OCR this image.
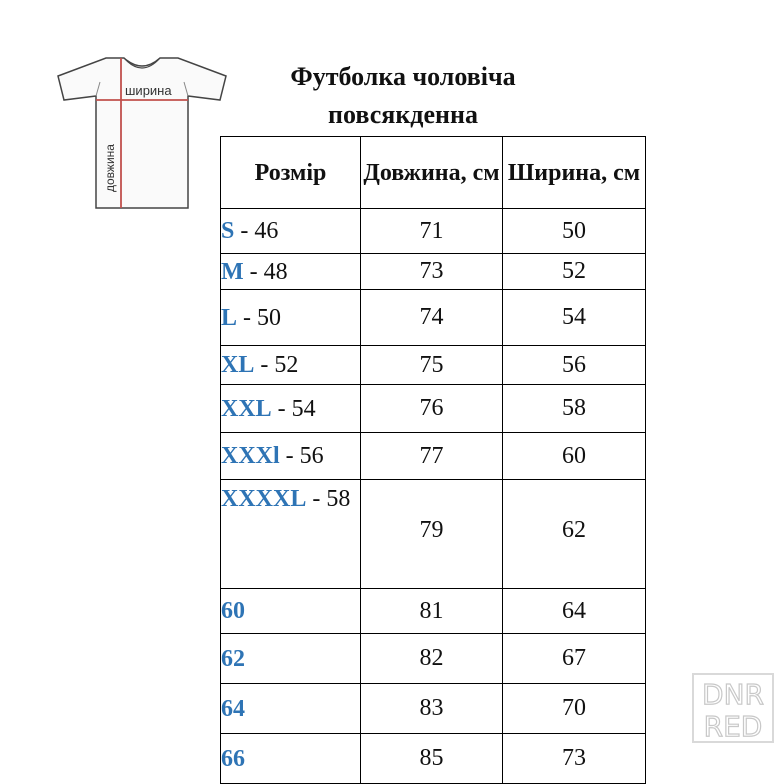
ширина
довжина
Футболка чоловіча
повсякденна
Розмір	Довжина, см	Ширина, см
S - 46	71	50
M - 48	73	52
L - 50	74	54
XL - 52	75	56
XXL - 54	76	58
XXXl - 56	77	60
XXXXL - 58	79	62
60	81	64
62	82	67
64	83	70
66	85	73
DNR
RED
